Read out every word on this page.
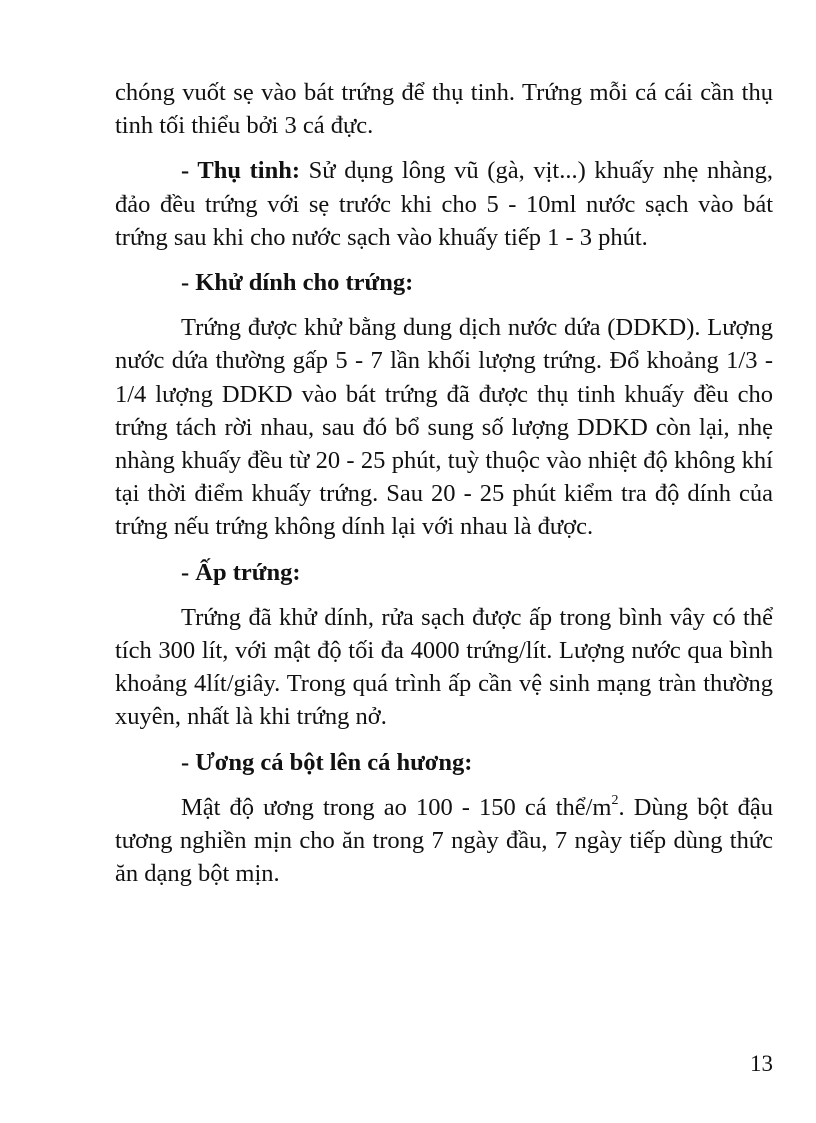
chóng vuốt sẹ vào bát trứng để thụ tinh. Trứng mỗi cá cái cần thụ tinh tối thiểu bởi 3 cá đực.

- Thụ tinh: Sử dụng lông vũ (gà, vịt...) khuấy nhẹ nhàng, đảo đều trứng với sẹ trước khi cho 5 - 10ml nước sạch vào bát trứng sau khi cho nước sạch vào khuấy tiếp 1 - 3 phút.

- Khử dính cho trứng:

Trứng được khử bằng dung dịch nước dứa (DDKD). Lượng nước dứa thường gấp 5 - 7 lần khối lượng trứng. Đổ khoảng 1/3 - 1/4 lượng DDKD vào bát trứng đã được thụ tinh khuấy đều cho trứng tách rời nhau, sau đó bổ sung số lượng DDKD còn lại, nhẹ nhàng khuấy đều từ 20 - 25 phút, tuỳ thuộc vào nhiệt độ không khí tại thời điểm khuấy trứng. Sau 20 - 25 phút kiểm tra độ dính của trứng nếu trứng không dính lại với nhau là được.

- Ấp trứng:

Trứng đã khử dính, rửa sạch được ấp trong bình vây có thể tích 300 lít, với mật độ tối đa 4000 trứng/lít. Lượng nước qua bình khoảng 4lít/giây. Trong quá trình ấp cần vệ sinh mạng tràn thường xuyên, nhất là khi trứng nở.

- Ương cá bột lên cá hương:

Mật độ ương trong ao 100 - 150 cá thể/$m^2$. Dùng bột đậu tương nghiền mịn cho ăn trong 7 ngày đầu, 7 ngày tiếp dùng thức ăn dạng bột mịn.

13
